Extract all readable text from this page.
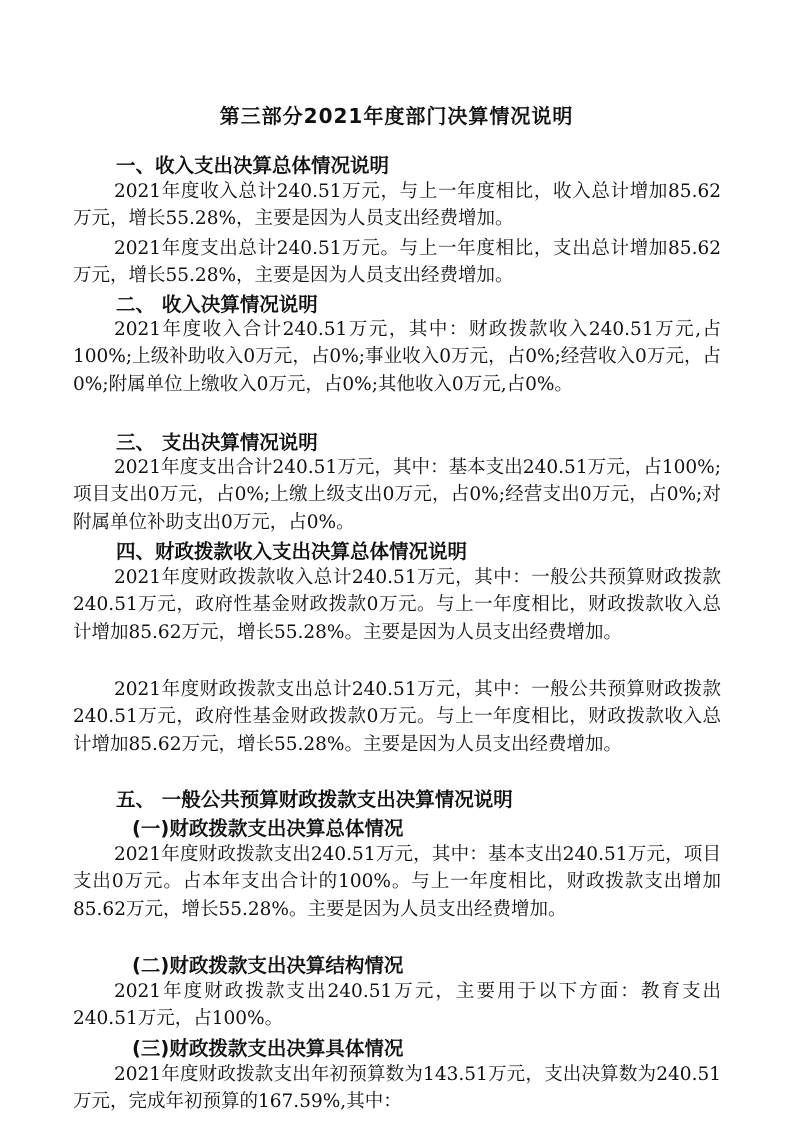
第三部分2021年度部门决算情况说明
一、收入支出决算总体情况说明

2021年度收入总计240.51万元，与上一年度相比，收入总计增加85.62万元，增长55.28%，主要是因为人员支出经费增加。

2021年度支出总计240.51万元。与上一年度相比，支出总计增加85.62万元，增长55.28%，主要是因为人员支出经费增加。

二、 收入决算情况说明

2021年度收入合计240.51万元，其中：财政拨款收入240.51万元,占100%;上级补助收入0万元，占0%;事业收入0万元，占0%;经营收入0万元，占0%;附属单位上缴收入0万元，占0%;其他收入0万元,占0%。

三、 支出决算情况说明

2021年度支出合计240.51万元，其中：基本支出240.51万元，占100%;项目支出0万元，占0%;上缴上级支出0万元，占0%;经营支出0万元，占0%;对附属单位补助支出0万元，占0%。

四、财政拨款收入支出决算总体情况说明

2021年度财政拨款收入总计240.51万元，其中：一般公共预算财政拨款240.51万元，政府性基金财政拨款0万元。与上一年度相比，财政拨款收入总计增加85.62万元，增长55.28%。主要是因为人员支出经费增加。

2021年度财政拨款支出总计240.51万元，其中：一般公共预算财政拨款240.51万元，政府性基金财政拨款0万元。与上一年度相比，财政拨款收入总计增加85.62万元，增长55.28%。主要是因为人员支出经费增加。

五、 一般公共预算财政拨款支出决算情况说明
(一)财政拨款支出决算总体情况

2021年度财政拨款支出240.51万元，其中：基本支出240.51万元，项目支出0万元。占本年支出合计的100%。与上一年度相比，财政拨款支出增加85.62万元，增长55.28%。主要是因为人员支出经费增加。

(二)财政拨款支出决算结构情况

2021年度财政拨款支出240.51万元，主要用于以下方面：教育支出240.51万元，占100%。

(三)财政拨款支出决算具体情况

2021年度财政拨款支出年初预算数为143.51万元，支出决算数为240.51万元，完成年初预算的167.59%,其中：
